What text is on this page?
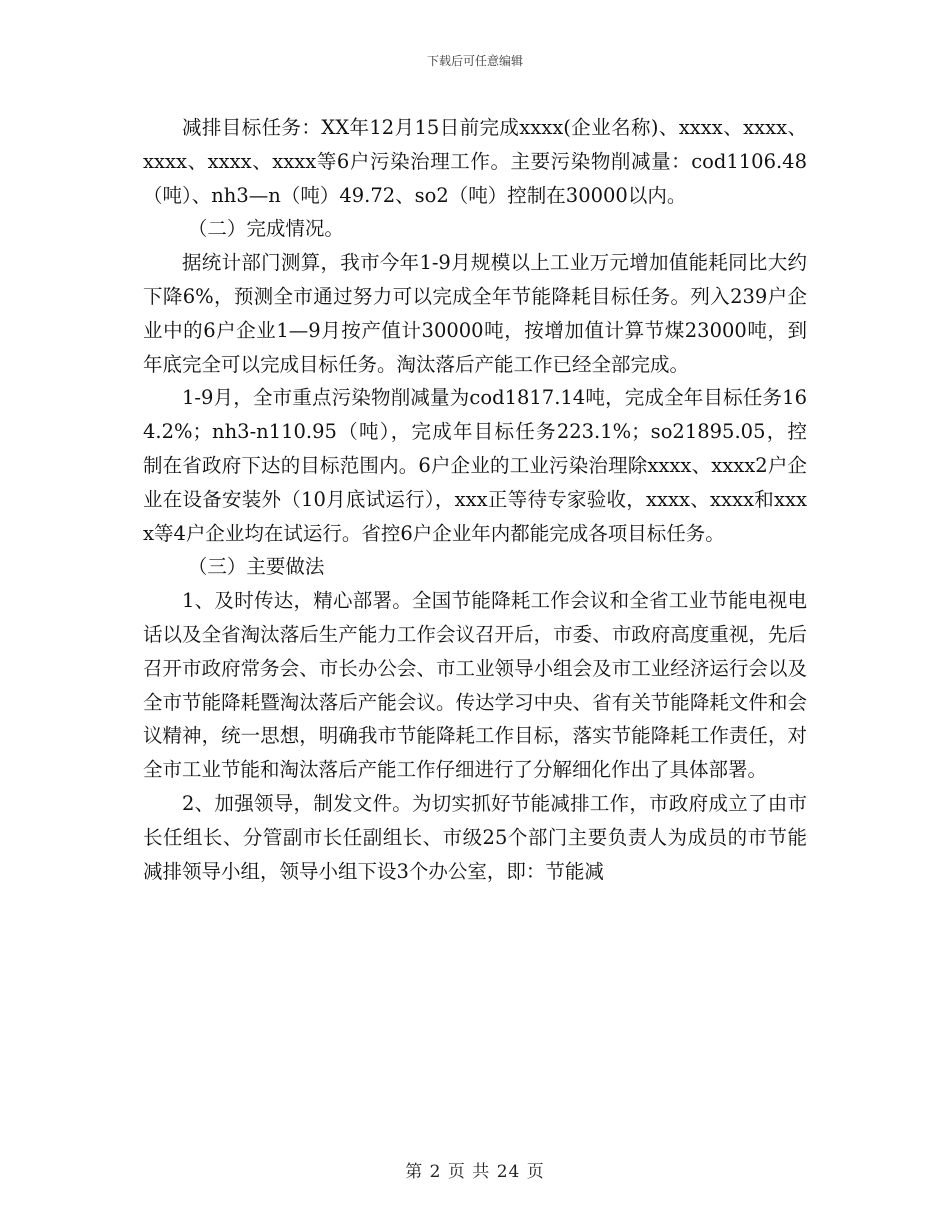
下载后可任意编辑

减排目标任务：XX年12月15日前完成xxxx(企业名称)、xxxx、xxxx、xxxx、xxxx、xxxx等6户污染治理工作。主要污染物削减量：cod1106.48（吨）、nh3—n（吨）49.72、so2（吨）控制在30000以内。

（二）完成情况。

据统计部门测算，我市今年1-9月规模以上工业万元增加值能耗同比大约下降6%，预测全市通过努力可以完成全年节能降耗目标任务。列入239户企业中的6户企业1—9月按产值计30000吨，按增加值计算节煤23000吨，到年底完全可以完成目标任务。淘汰落后产能工作已经全部完成。

1-9月，全市重点污染物削减量为cod1817.14吨，完成全年目标任务164.2%；nh3-n110.95（吨），完成年目标任务223.1%；so21895.05，控制在省政府下达的目标范围内。6户企业的工业污染治理除xxxx、xxxx2户企业在设备安装外（10月底试运行），xxx正等待专家验收，xxxx、xxxx和xxxx等4户企业均在试运行。省控6户企业年内都能完成各项目标任务。

（三）主要做法

1、及时传达，精心部署。全国节能降耗工作会议和全省工业节能电视电话以及全省淘汰落后生产能力工作会议召开后，市委、市政府高度重视，先后召开市政府常务会、市长办公会、市工业领导小组会及市工业经济运行会以及全市节能降耗暨淘汰落后产能会议。传达学习中央、省有关节能降耗文件和会议精神，统一思想，明确我市节能降耗工作目标，落实节能降耗工作责任，对全市工业节能和淘汰落后产能工作仔细进行了分解细化作出了具体部署。

2、加强领导，制发文件。为切实抓好节能减排工作，市政府成立了由市长任组长、分管副市长任副组长、市级25个部门主要负责人为成员的市节能减排领导小组，领导小组下设3个办公室，即：节能减

第 2 页 共 24 页
